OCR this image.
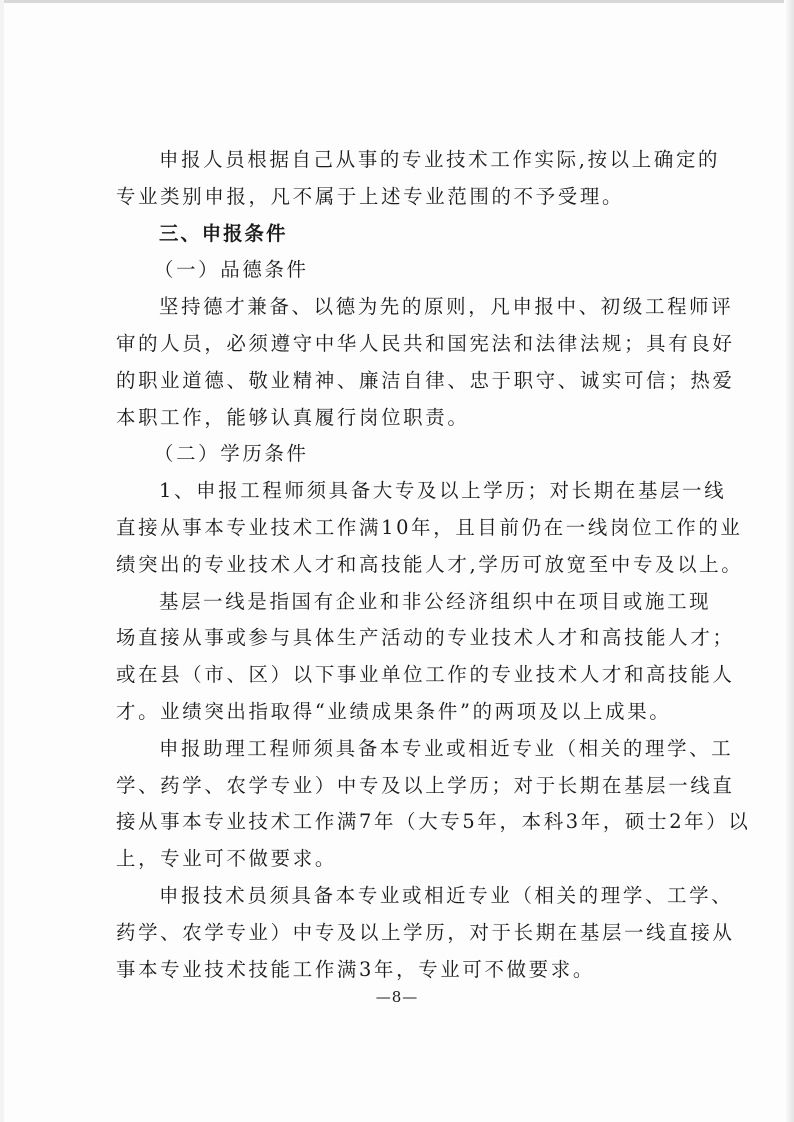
申报人员根据自己从事的专业技术工作实际,按以上确定的
专业类别申报，凡不属于上述专业范围的不予受理。
三、申报条件
（一）品德条件
坚持德才兼备、以德为先的原则，凡申报中、初级工程师评
审的人员，必须遵守中华人民共和国宪法和法律法规；具有良好
的职业道德、敬业精神、廉洁自律、忠于职守、诚实可信；热爱
本职工作，能够认真履行岗位职责。
（二）学历条件
1、申报工程师须具备大专及以上学历；对长期在基层一线
直接从事本专业技术工作满10年，且目前仍在一线岗位工作的业
绩突出的专业技术人才和高技能人才,学历可放宽至中专及以上。
基层一线是指国有企业和非公经济组织中在项目或施工现
场直接从事或参与具体生产活动的专业技术人才和高技能人才；
或在县（市、区）以下事业单位工作的专业技术人才和高技能人
才。业绩突出指取得“业绩成果条件”的两项及以上成果。
申报助理工程师须具备本专业或相近专业（相关的理学、工
学、药学、农学专业）中专及以上学历；对于长期在基层一线直
接从事本专业技术工作满7年（大专5年，本科3年，硕士2年）以
上，专业可不做要求。
申报技术员须具备本专业或相近专业（相关的理学、工学、
药学、农学专业）中专及以上学历，对于长期在基层一线直接从
事本专业技术技能工作满3年，专业可不做要求。
—8—
